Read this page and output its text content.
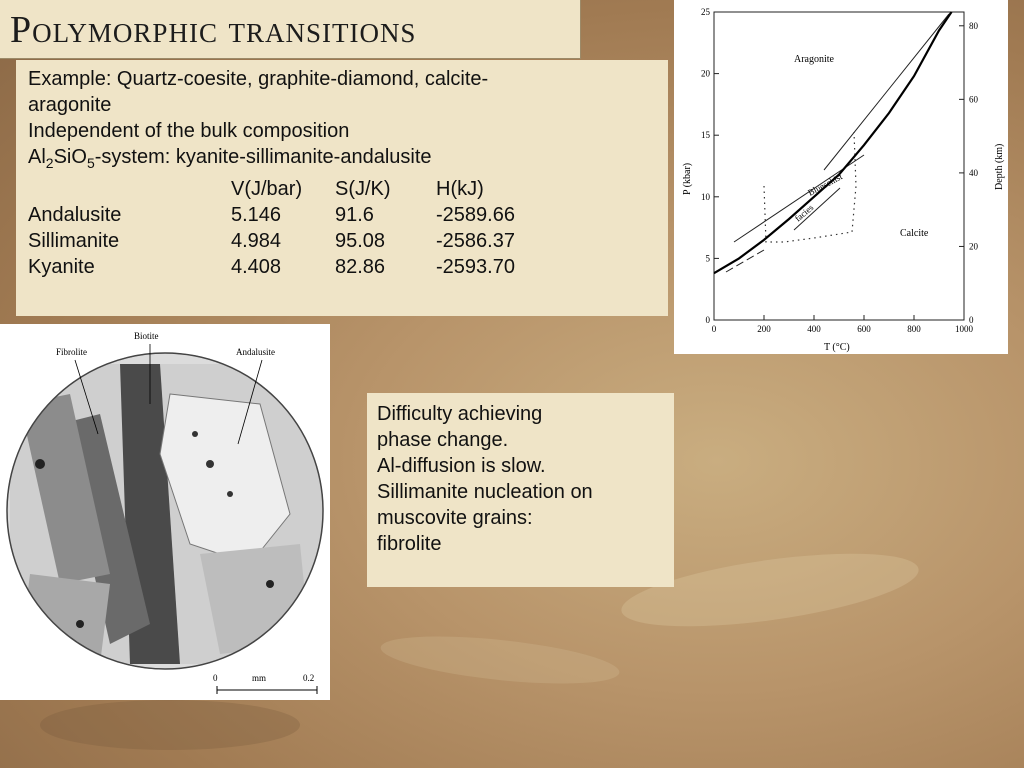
Polymorphic transitions
Example: Quartz-coesite, graphite-diamond, calcite-
aragonite
Independent of the bulk composition
$Al_2SiO_5$-system: kyanite-sillimanite-andalusite
	V(J/bar)	S(J/K)	H(kJ)
Andalusite	5.146	91.6	-2589.66
Sillimanite	4.984	95.08	-2586.37
Kyanite	4.408	82.86	-2593.70
0	200	400	600	800	1000
0
5
10
15
20
25
0
20
40
60
80
Aragonite
Calcite
Blueschist
facies
T (°C)
P (kbar)	Depth (km)
Fibrolite
Biotite
Andalusite
0	mm	0.2
Difficulty achieving
phase change.
Al-diffusion is slow.
Sillimanite nucleation on
muscovite grains:
fibrolite
